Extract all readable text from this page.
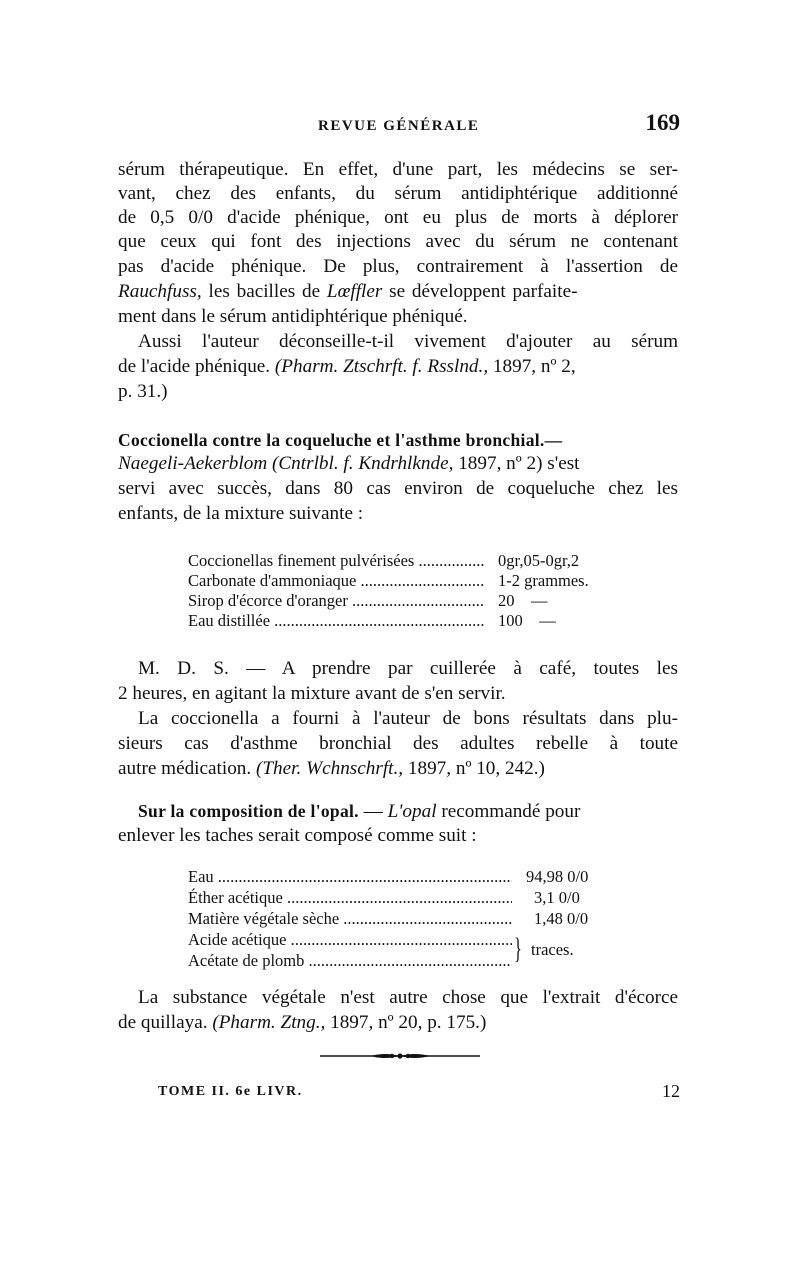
REVUE GÉNÉRALE	169
sérum thérapeutique. En effet, d'une part, les médecins se ser-
vant, chez des enfants, du sérum antidiphtérique additionné
de 0,5 0/0 d'acide phénique, ont eu plus de morts à déplorer
que ceux qui font des injections avec du sérum ne contenant
pas d'acide phénique. De plus, contrairement à l'assertion de
Rauchfuss, les bacilles de Lœffler se développent parfaite-
ment dans le sérum antidiphtérique phéniqué.
Aussi l'auteur déconseille-t-il vivement d'ajouter au sérum
de l'acide phénique. (Pharm. Ztschrft. f. Rsslnd., 1897, nº 2,
p. 31.)
Coccionella contre la coqueluche et l'asthme bronchial.—
Naegeli-Aekerblom (Cntrlbl. f. Kndrhlknde, 1897, nº 2) s'est
servi avec succès, dans 80 cas environ de coqueluche chez les
enfants, de la mixture suivante :
Coccionellas finement pulvérisées .....	0gr,05-0gr,2
Carbonate d'ammoniaque .....	1-2 grammes.
Sirop d'écorce d'oranger .....	20    —
Eau distillée .....	100    —
M. D. S. — A prendre par cuillerée à café, toutes les
2 heures, en agitant la mixture avant de s'en servir.
La coccionella a fourni à l'auteur de bons résultats dans plu-
sieurs cas d'asthme bronchial des adultes rebelle à toute
autre médication. (Ther. Wchnschrft., 1897, nº 10, 242.)
Sur la composition de l'opal. — L'opal recommandé pour
enlever les taches serait composé comme suit :
Eau .....	94,98 0/0
Éther acétique .....	3,1 0/0
Matière végétale sèche .....	1,48 0/0
Acide acétique .....
Acétate de plomb .....	} traces.
La substance végétale n'est autre chose que l'extrait d'écorce
de quillaya. (Pharm. Ztng., 1897, nº 20, p. 175.)
TOME II. 6e LIVR.	12
